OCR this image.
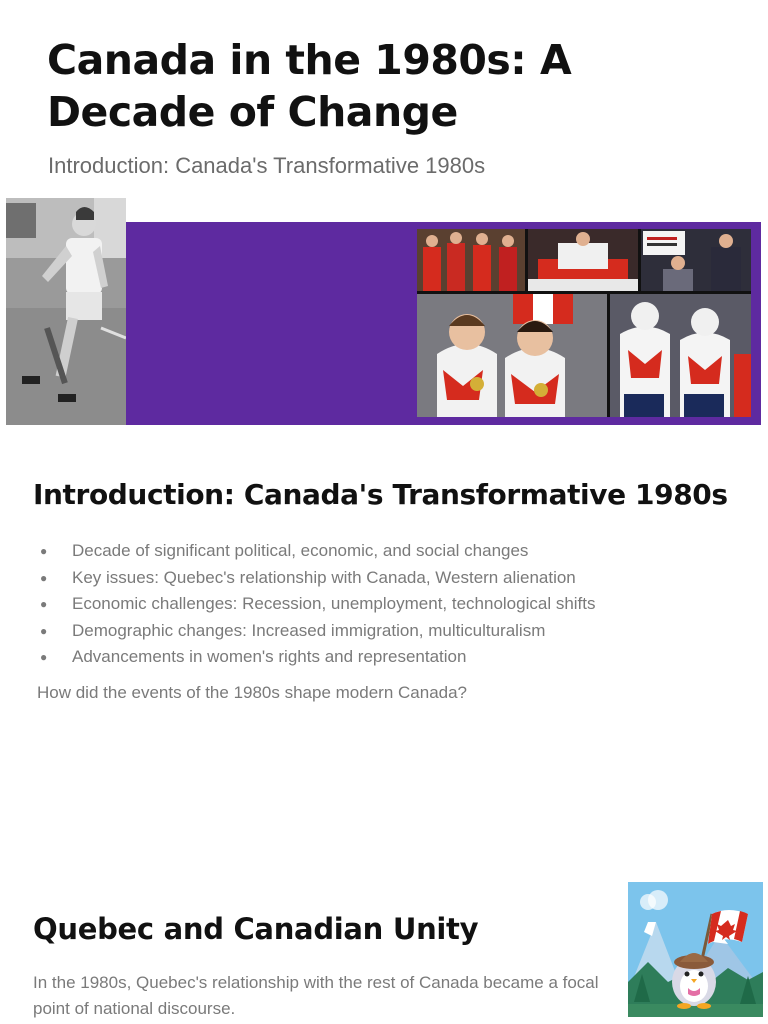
Canada in the 1980s: A Decade of Change

Introduction: Canada's Transformative 1980s

Introduction: Canada's Transformative 1980s
● Decade of significant political, economic, and social changes
● Key issues: Quebec's relationship with Canada, Western alienation
● Economic challenges: Recession, unemployment, technological shifts
● Demographic changes: Increased immigration, multiculturalism
● Advancements in women's rights and representation

How did the events of the 1980s shape modern Canada?

Quebec and Canadian Unity

In the 1980s, Quebec's relationship with the rest of Canada became a focal point of national discourse.
